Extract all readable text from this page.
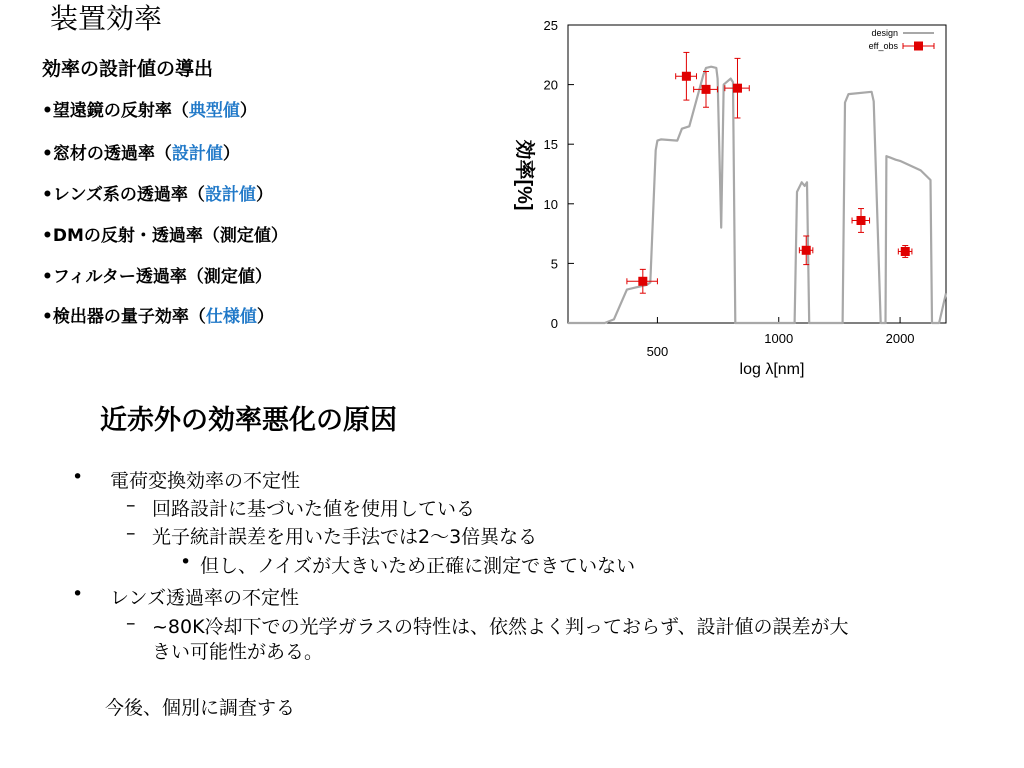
装置効率
効率の設計値の導出
•望遠鏡の反射率（典型値）
•窓材の透過率（設計値）
•レンズ系の透過率（設計値）
•DMの反射・透過率（測定値）
•フィルター透過率（測定値）
•検出器の量子効率（仕様値）	0
5
10
15
20
25
500
1000	2000
design
eff_obs
効率[%]
log λ[nm]
近赤外の効率悪化の原因
• 電荷変換効率の不定性
– 回路設計に基づいた値を使用している
– 光子統計誤差を用いた手法では2〜3倍異なる
• 但し、ノイズが大きいため正確に測定できていない
• レンズ透過率の不定性
– ~80K冷却下での光学ガラスの特性は、依然よく判っておらず、設計値の誤差が大
きい可能性がある。
今後、個別に調査する
